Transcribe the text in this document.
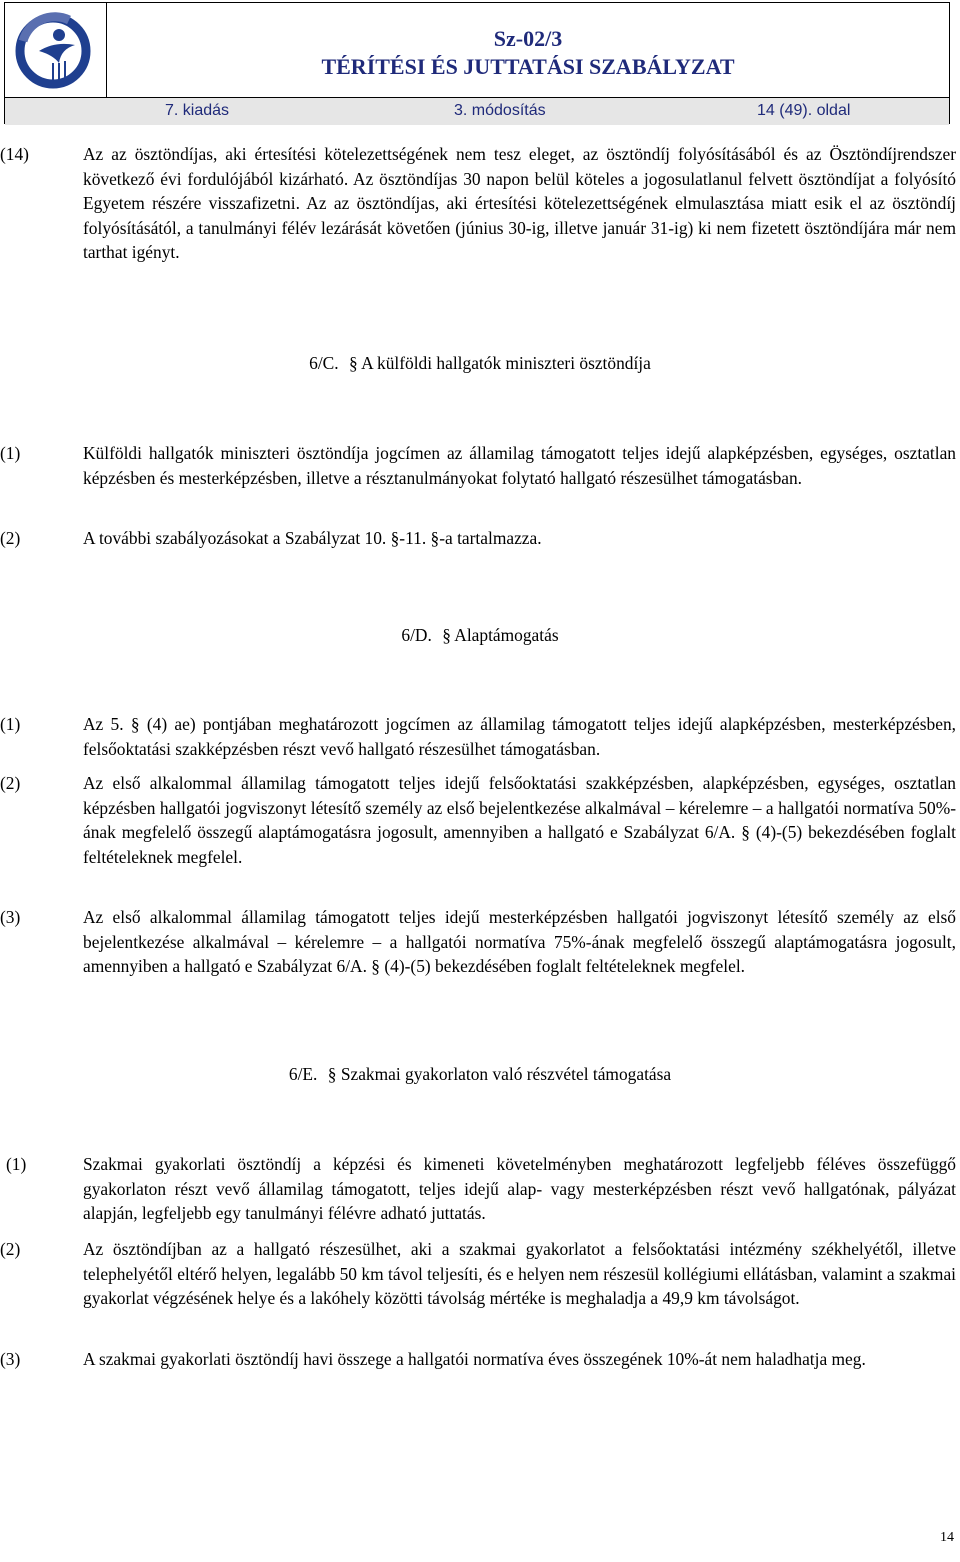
Sz-02/3
TÉRÍTÉSI ÉS JUTTATÁSI SZABÁLYZAT
7. kiadás	3. módosítás	14 (49). oldal
(14)	Az az ösztöndíjas, aki értesítési kötelezettségének nem tesz eleget, az ösztöndíj folyósításából és az Ösztöndíjrendszer következő évi fordulójából kizárható. Az ösztöndíjas 30 napon belül köteles a jogosulatlanul felvett ösztöndíjat a folyósító Egyetem részére visszafizetni. Az az ösztöndíjas, aki értesítési kötelezettségének elmulasztása miatt esik el az ösztöndíj folyósításától, a tanulmányi félév lezárását követően (június 30-ig, illetve január 31-ig) ki nem fizetett ösztöndíjára már nem tarthat igényt.
6/C. § A külföldi hallgatók miniszteri ösztöndíja
(1)	Külföldi hallgatók miniszteri ösztöndíja jogcímen az államilag támogatott teljes idejű alapképzésben, egységes, osztatlan képzésben és mesterképzésben, illetve a résztanulmányokat folytató hallgató részesülhet támogatásban.
(2)	A további szabályozásokat a Szabályzat 10. §-11. §-a tartalmazza.
6/D. § Alaptámogatás
(1)	Az 5. § (4) ae) pontjában meghatározott jogcímen az államilag támogatott teljes idejű alapképzésben, mesterképzésben, felsőoktatási szakképzésben részt vevő hallgató részesülhet támogatásban.
(2)	Az első alkalommal államilag támogatott teljes idejű felsőoktatási szakképzésben, alapképzésben, egységes, osztatlan képzésben hallgatói jogviszonyt létesítő személy az első bejelentkezése alkalmával – kérelemre – a hallgatói normatíva 50%-ának megfelelő összegű alaptámogatásra jogosult, amennyiben a hallgató e Szabályzat 6/A. § (4)-(5) bekezdésében foglalt feltételeknek megfelel.
(3)	Az első alkalommal államilag támogatott teljes idejű mesterképzésben hallgatói jogviszonyt létesítő személy az első bejelentkezése alkalmával – kérelemre – a hallgatói normatíva 75%-ának megfelelő összegű alaptámogatásra jogosult, amennyiben a hallgató e Szabályzat 6/A. § (4)-(5) bekezdésében foglalt feltételeknek megfelel.
6/E. § Szakmai gyakorlaton való részvétel támogatása
(1)	Szakmai gyakorlati ösztöndíj a képzési és kimeneti követelményben meghatározott legfeljebb féléves összefüggő gyakorlaton részt vevő államilag támogatott, teljes idejű alap- vagy mesterképzésben részt vevő hallgatónak, pályázat alapján, legfeljebb egy tanulmányi félévre adható juttatás.
(2)	Az ösztöndíjban az a hallgató részesülhet, aki a szakmai gyakorlatot a felsőoktatási intézmény székhelyétől, illetve telephelyétől eltérő helyen, legalább 50 km távol teljesíti, és e helyen nem részesül kollégiumi ellátásban, valamint a szakmai gyakorlat végzésének helye és a lakóhely közötti távolság mértéke is meghaladja a 49,9 km távolságot.
(3)	A szakmai gyakorlati ösztöndíj havi összege a hallgatói normatíva éves összegének 10%-át nem haladhatja meg.
14
